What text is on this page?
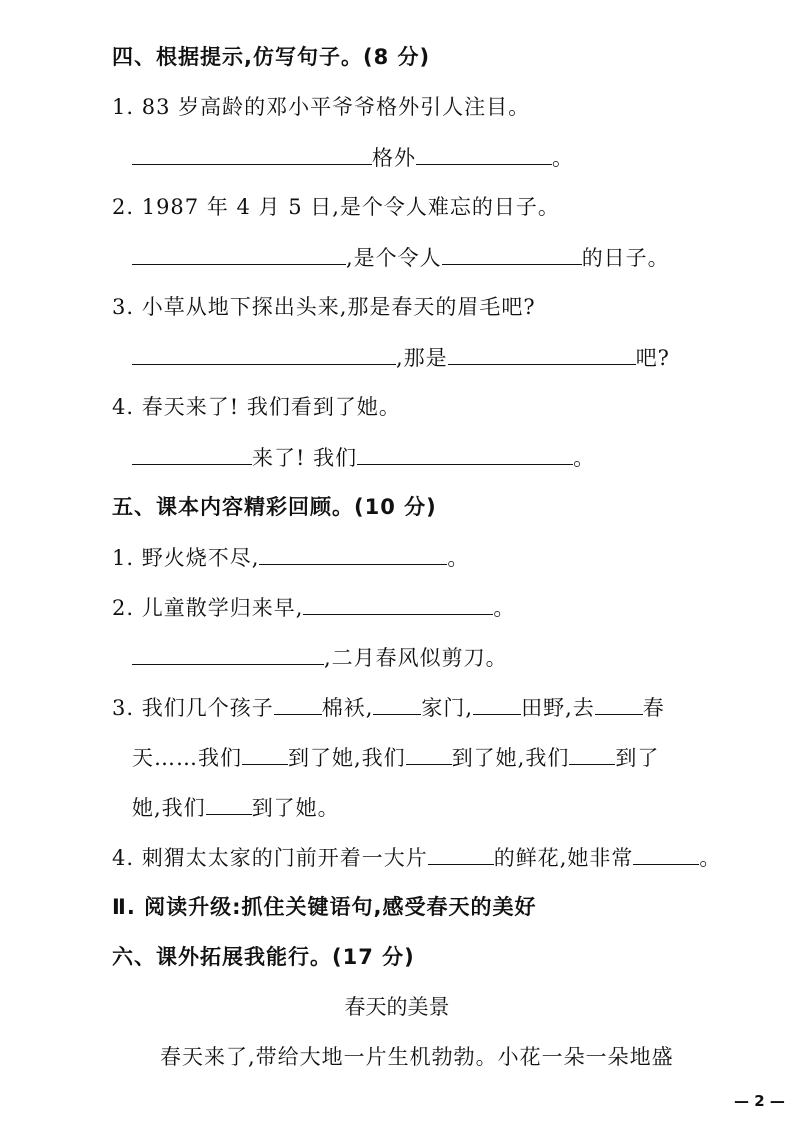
四、根据提示,仿写句子。(8 分)
1. 83 岁高龄的邓小平爷爷格外引人注目。
格外	。
2. 1987 年 4 月 5 日,是个令人难忘的日子。
,是个令人	的日子。
3. 小草从地下探出头来,那是春天的眉毛吧?
,那是	吧?
4. 春天来了! 我们看到了她。
来了! 我们	。
五、课本内容精彩回顾。(10 分)
1. 野火烧不尽,	。
2. 儿童散学归来早,	。
,二月春风似剪刀。
3. 我们几个孩子 棉袄, 家门, 田野,去 春
天……我们 到了她,我们 到了她,我们 到了
她,我们 到了她。
4. 刺猬太太家的门前开着一大片	的鲜花,她非常	。
Ⅱ. 阅读升级:抓住关键语句,感受春天的美好
六、课外拓展我能行。(17 分)
春天的美景
春天来了,带给大地一片生机勃勃。小花一朵一朵地盛
— 2 —
